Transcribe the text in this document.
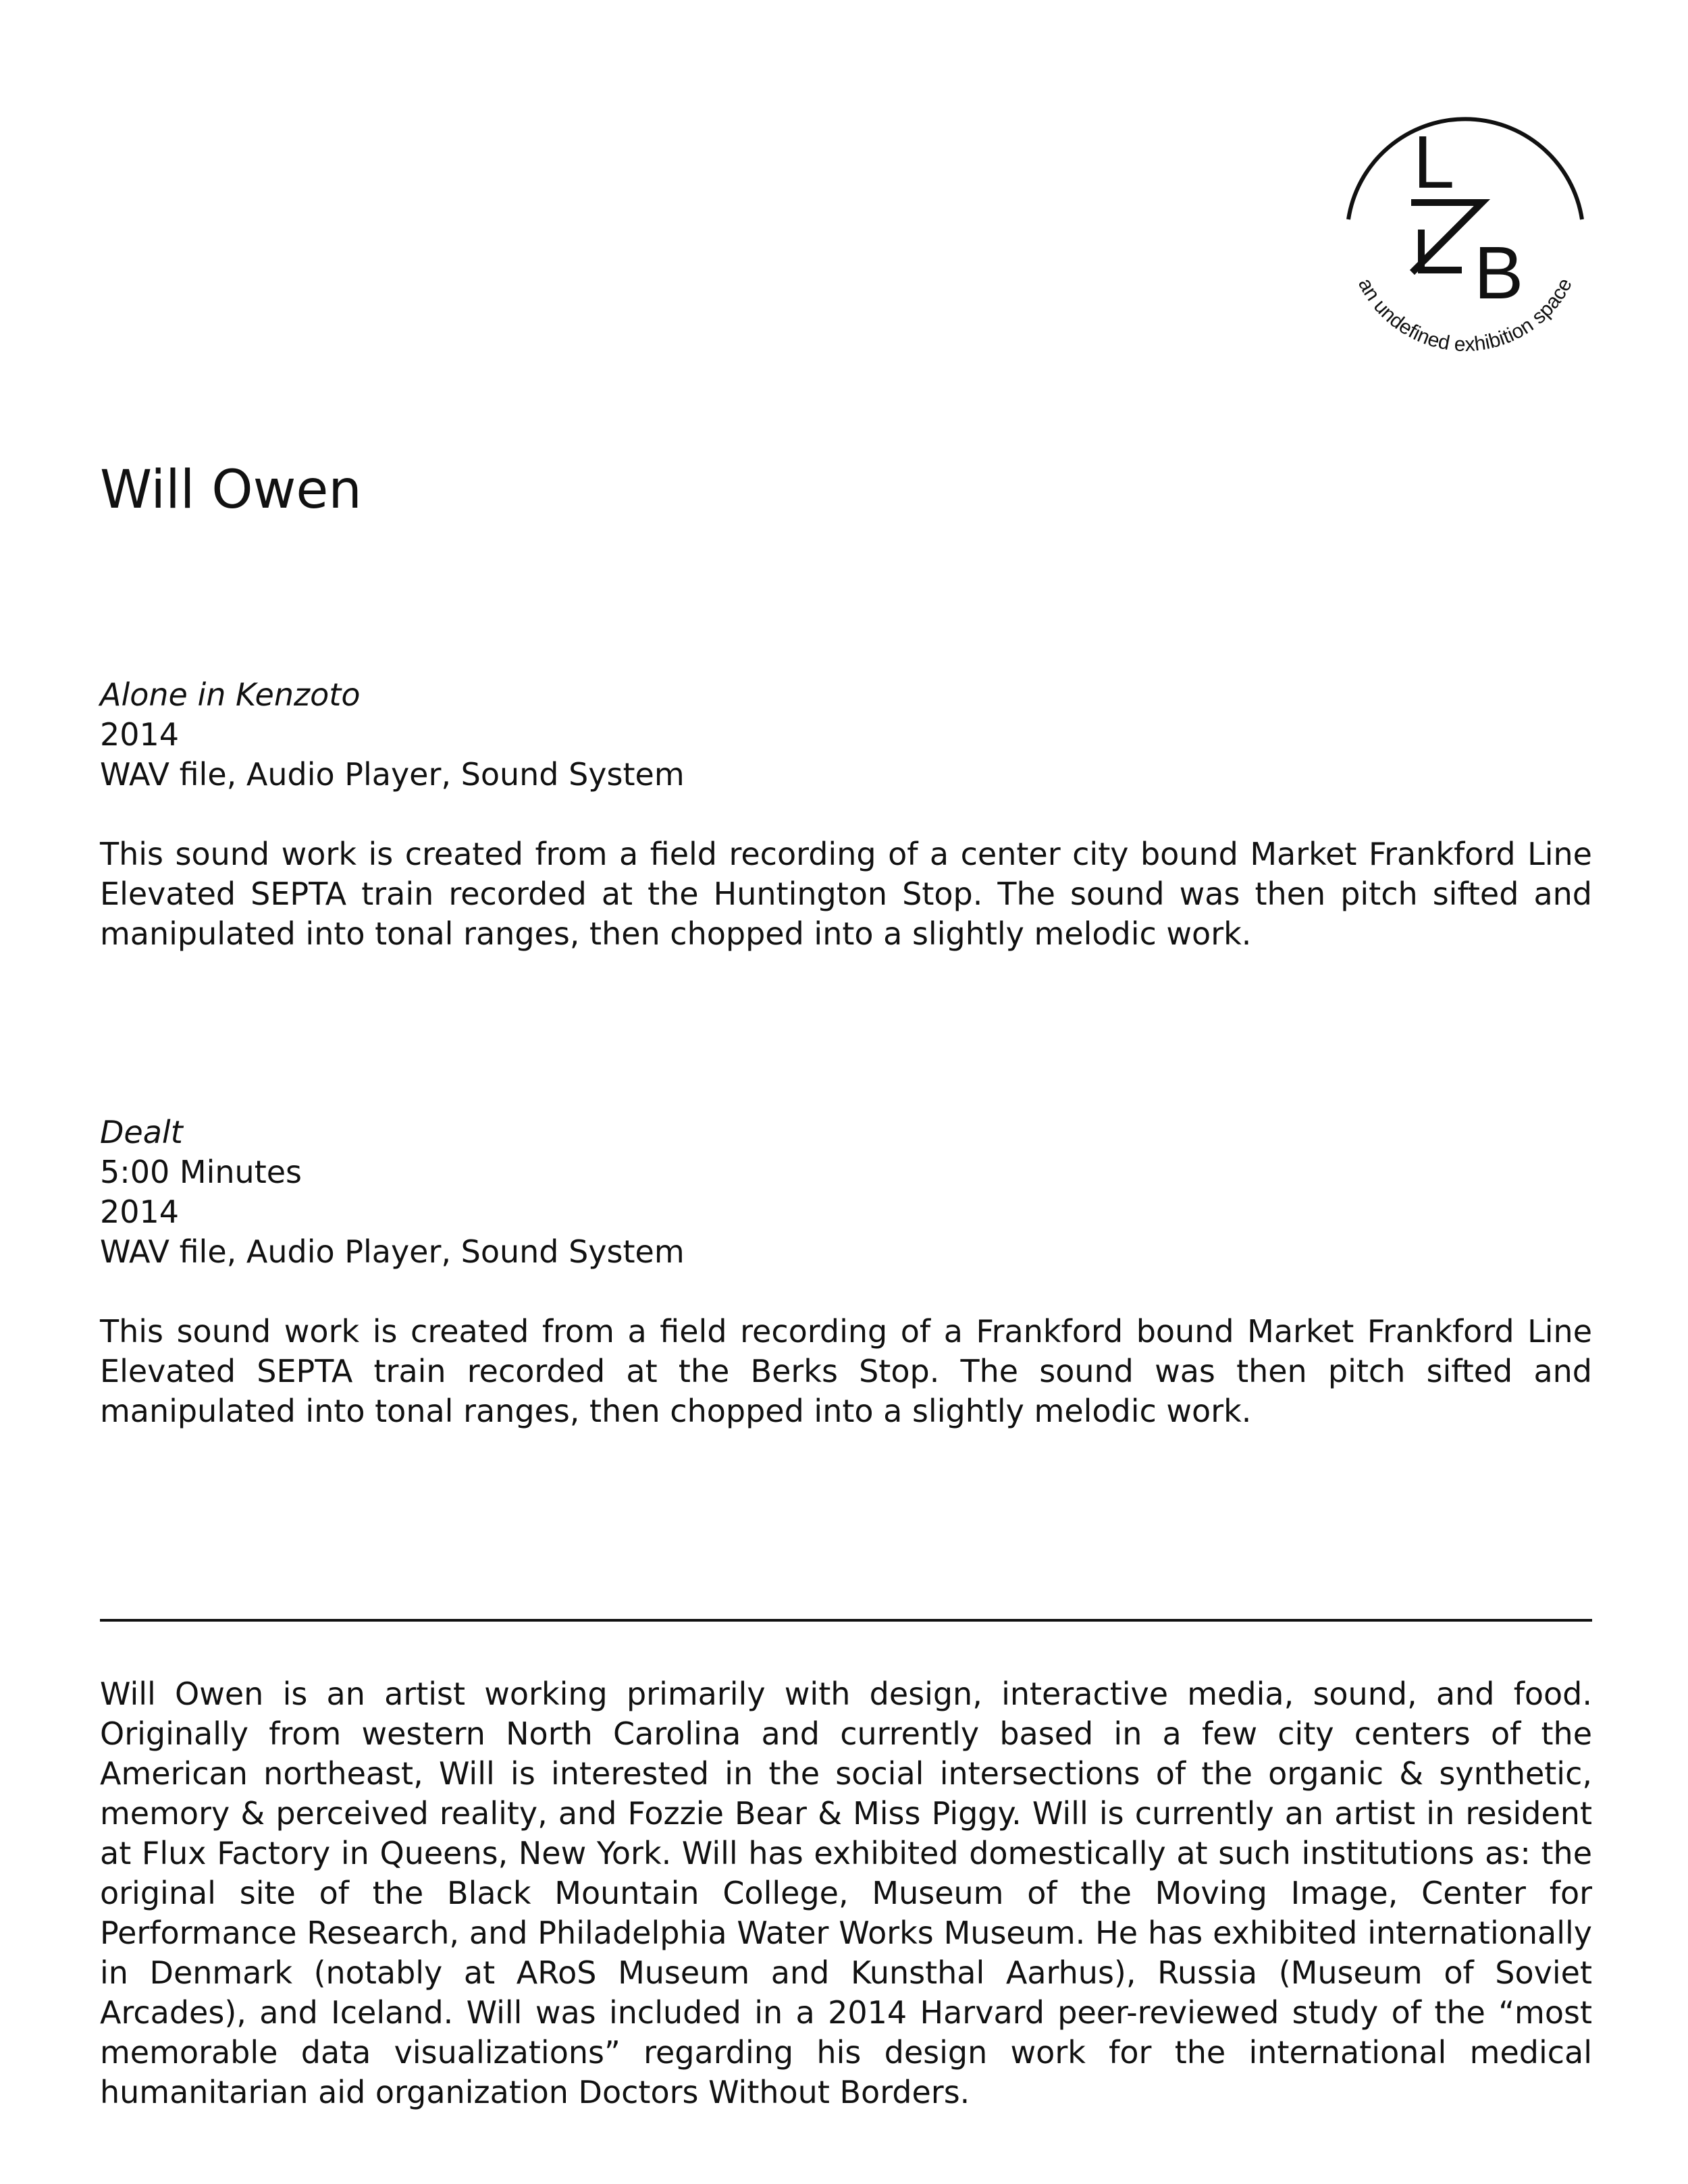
L
B
an undefined exhibition space
Will Owen
Alone in Kenzoto
2014
WAV file, Audio Player, Sound System

This sound work is created from a field recording of a center city bound Market Frankford Line Elevated SEPTA train recorded at the Huntington Stop. The sound was then pitch sifted and manipulated into tonal ranges, then chopped into a slightly melodic work.

Dealt
5:00 Minutes
2014
WAV file, Audio Player, Sound System

This sound work is created from a field recording of a Frankford bound Market Frankford Line Elevated SEPTA train recorded at the Berks Stop. The sound was then pitch sifted and manipulated into tonal ranges, then chopped into a slightly melodic work.

Will Owen is an artist working primarily with design, interactive media, sound, and food. Originally from western North Carolina and currently based in a few city centers of the American northeast, Will is interested in the social intersections of the organic & synthetic, memory & perceived reality, and Fozzie Bear & Miss Piggy. Will is currently an artist in resident at Flux Factory in Queens, New York. Will has exhibited domestically at such institutions as: the original site of the Black Mountain College, Museum of the Moving Image, Center for Performance Research, and Philadelphia Water Works Museum. He has exhibited internationally in Denmark (notably at ARoS Museum and Kunsthal Aarhus), Russia (Museum of Soviet Arcades), and Iceland. Will was included in a 2014 Harvard peer-reviewed study of the “most memorable data visualizations” regarding his design work for the international medical humanitarian aid organization Doctors Without Borders.
